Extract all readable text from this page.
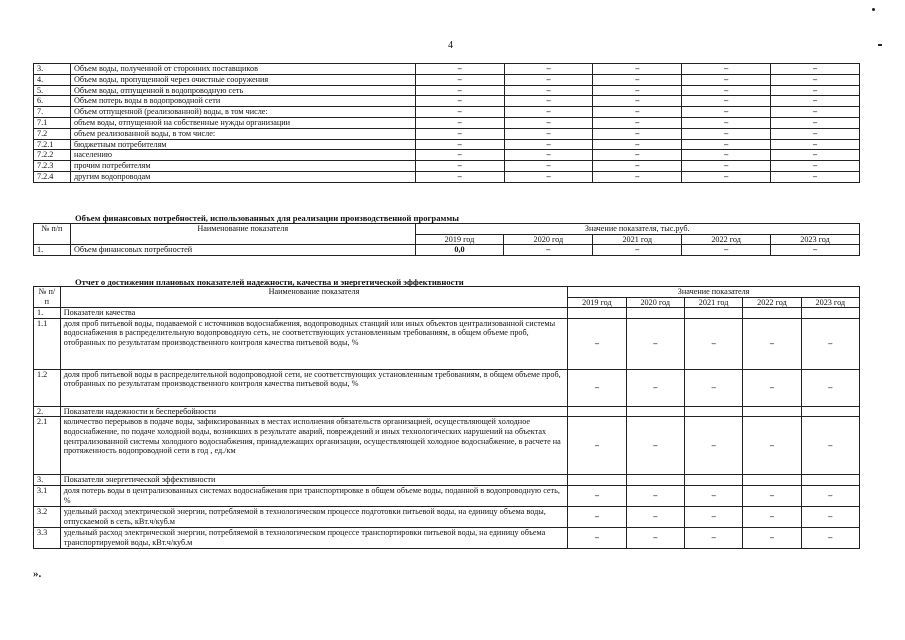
4
3.	Объем воды, полученной от сторонних поставщиков	–	–	–	–	–
4.	Объем воды, пропущенной через очистные сооружения	–	–	–	–	–
5.	Объем воды, отпущенной в водопроводную сеть	–	–	–	–	–
6.	Объем потерь воды в водопроводной сети	–	–	–	–	–
7.	Объем отпущенной (реализованной) воды, в том числе:	–	–	–	–	–
7.1	объем воды, отпущенной на собственные нужды организации	–	–	–	–	–
7.2	объем реализованной воды, в том числе:	–	–	–	–	–
7.2.1	бюджетным потребителям	–	–	–	–	–
7.2.2	населению	–	–	–	–	–
7.2.3	прочим потребителям	–	–	–	–	–
7.2.4	другим водопроводам	–	–	–	–	–
Объем финансовых потребностей, использованных для реализации производственной программы
№ п/п	Наименование показателя	Значение показателя, тыс.руб.				
		2019 год	2020 год	2021 год	2022 год	2023 год
1.	Объем финансовых потребностей	0,0	–	–	–	–
Отчет о достижении плановых показателей надежности, качества и энергетической эффективности
№ п/п	Наименование показателя	Значение показателя				
		2019 год	2020 год	2021 год	2022 год	2023 год
1.	Показатели качества					
1.1	доля проб питьевой воды, подаваемой с источников водоснабжения, водопроводных станций или иных объектов централизованной системы водоснабжения в распределительную водопроводную сеть, не соответствующих установленным требованиям, в общем объеме проб, отобранных по результатам производственного контроля качества питьевой воды, %	–	–	–	–	–
1.2	доля проб питьевой воды в распределительной водопроводной сети, не соответствующих установленным требованиям, в общем объеме проб, отобранных по результатам производственного контроля качества питьевой воды, %	–	–	–	–	–
2.	Показатели надежности и бесперебойности					
2.1	количество перерывов в подаче воды, зафиксированных в местах исполнения обязательств организацией, осуществляющей холодное водоснабжение, по подаче холодной воды, возникших в результате аварий, повреждений и иных технологических нарушений на объектах централизованной системы холодного водоснабжения, принадлежащих организации, осуществляющей холодное водоснабжение, в расчете на протяженность водопроводной сети в год , ед./км	–	–	–	–	–
3.	Показатели энергетической эффективности					
3.1	доля потерь воды в централизованных системах водоснабжения при транспортировке в общем объеме воды, поданной в водопроводную сеть, %	–	–	–	–	–
3.2	удельный расход электрической энергии, потребляемой в технологическом процессе подготовки питьевой воды, на единицу объема воды, отпускаемой в сеть, кВт.ч/куб.м	–	–	–	–	–
3.3	удельный расход электрической энергии, потребляемой в технологическом процессе транспортировки питьевой воды, на единицу объема транспортируемой воды, кВт.ч/куб.м	–	–	–	–	–
».
